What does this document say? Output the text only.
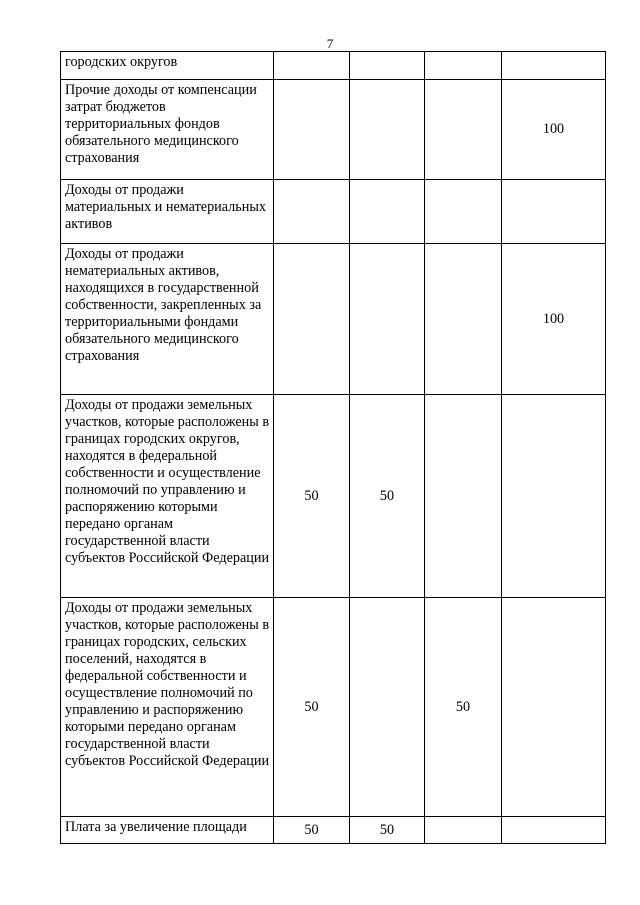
7
городских округов				
Прочие доходы от компенсации затрат бюджетов территориальных фондов обязательного медицинского страхования				100
Доходы от продажи материальных и нематериальных активов				
Доходы от продажи нематериальных активов, находящихся в государственной собственности, закрепленных за территориальными фондами обязательного медицинского страхования				100
Доходы от продажи земельных участков, которые расположены в границах городских округов, находятся в федеральной собственности и осуществление полномочий по управлению и распоряжению которыми передано органам государственной власти субъектов Российской Федерации	50	50		
Доходы от продажи земельных участков, которые расположены в границах городских, сельских поселений, находятся в федеральной собственности и осуществление полномочий по управлению и распоряжению которыми передано органам государственной власти субъектов Российской Федерации	50		50	
Плата за увеличение площади	50	50		
